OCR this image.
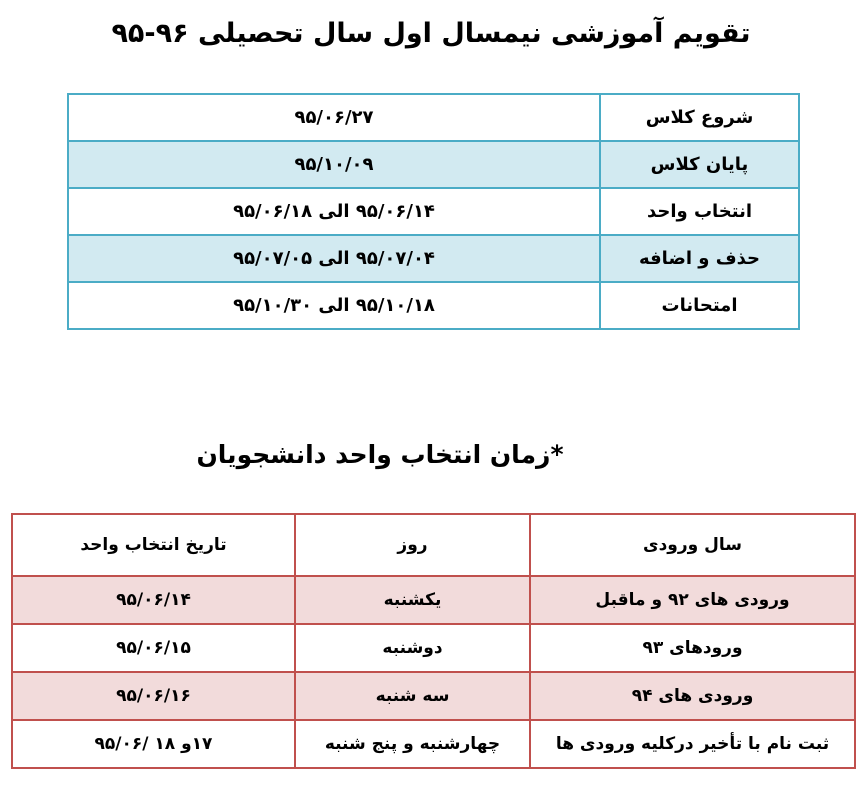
تقویم آموزشی نیمسال اول سال تحصیلی ۹۶-۹۵
شروع کلاس	۹۵/۰۶/۲۷
پایان کلاس	۹۵/۱۰/۰۹
انتخاب واحد	۹۵/۰۶/۱۴ الی ۹۵/۰۶/۱۸
حذف و اضافه	۹۵/۰۷/۰۴ الی ۹۵/۰۷/۰۵
امتحانات	۹۵/۱۰/۱۸ الی ۹۵/۱۰/۳۰
*زمان انتخاب واحد دانشجویان
سال ورودی	روز	تاریخ انتخاب واحد
ورودی های ۹۲ و ماقبل	یکشنبه	۹۵/۰۶/۱۴
ورودهای ۹۳	دوشنبه	۹۵/۰۶/۱۵
ورودی های ۹۴	سه شنبه	۹۵/۰۶/۱۶
ثبت نام با تأخیر درکلیه ورودی ها	چهارشنبه و پنج شنبه	۱۷و ۱۸ /۹۵/۰۶
